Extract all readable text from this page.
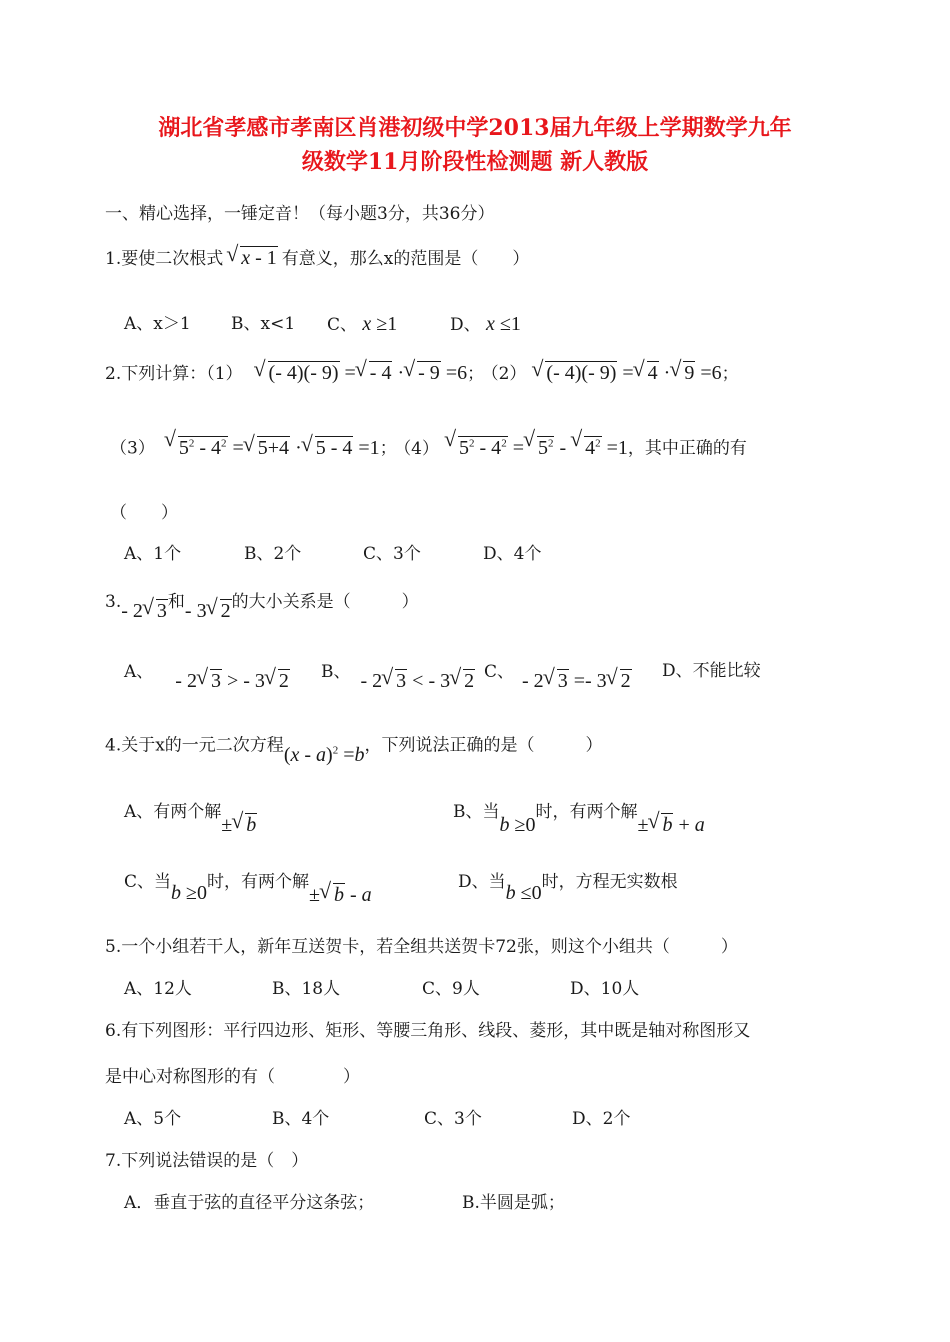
湖北省孝感市孝南区肖港初级中学2013届九年级上学期数学九年
级数学11月阶段性检测题 新人教版
一、精心选择，一锤定音！（每小题3分，共36分）
1.要使二次根式 √ x - 1 有意义，那么x的范围是（　　）
A、x＞1 B、x<1 C、 x ≥1	D、 x ≤1
2.下列计算：（1） √ (- 4)(- 9) = √ - 4 · √ - 9 =6； （2） √ (- 4)(- 9) = √ 4 · √ 9 =6；
（3） √ $5^2 - 4^2$ = √ 5+4 · √ 5 - 4 =1； （4） √ $5^2 - 4^2$ = √ $5^2$ - √ $4^2 =1$，其中正确的有
（　　）
A、1个	B、2个	C、3个	D、4个
3.- 2 √ 3和- 3 √ 2的大小关系是（　　　）
A、 - 2 √ 3 > - 3 √ 2 B、 - 2 √ 3 < - 3 √ 2 C、 - 2 √ 3 =- 3 √ 2 D、不能比较
4.关于x的一元二次方程(x - a)$^2$ =b，下列说法正确的是（　　　）
A、有两个解± √ b
B、当b ≥0时，有两个解± √ b + a
C、当b ≥0时，有两个解± √ b - a
D、当b ≤0时，方程无实数根
5.一个小组若干人，新年互送贺卡，若全组共送贺卡72张，则这个小组共（　　　）
A、12人	B、18人	C、9人	D、10人
6.有下列图形：平行四边形、矩形、等腰三角形、线段、菱形，其中既是轴对称图形又
是中心对称图形的有（　　　　）
A、5个	B、4个	C、3个	D、2个
7.下列说法错误的是（　）
A．垂直于弦的直径平分这条弦；	B.半圆是弧；
